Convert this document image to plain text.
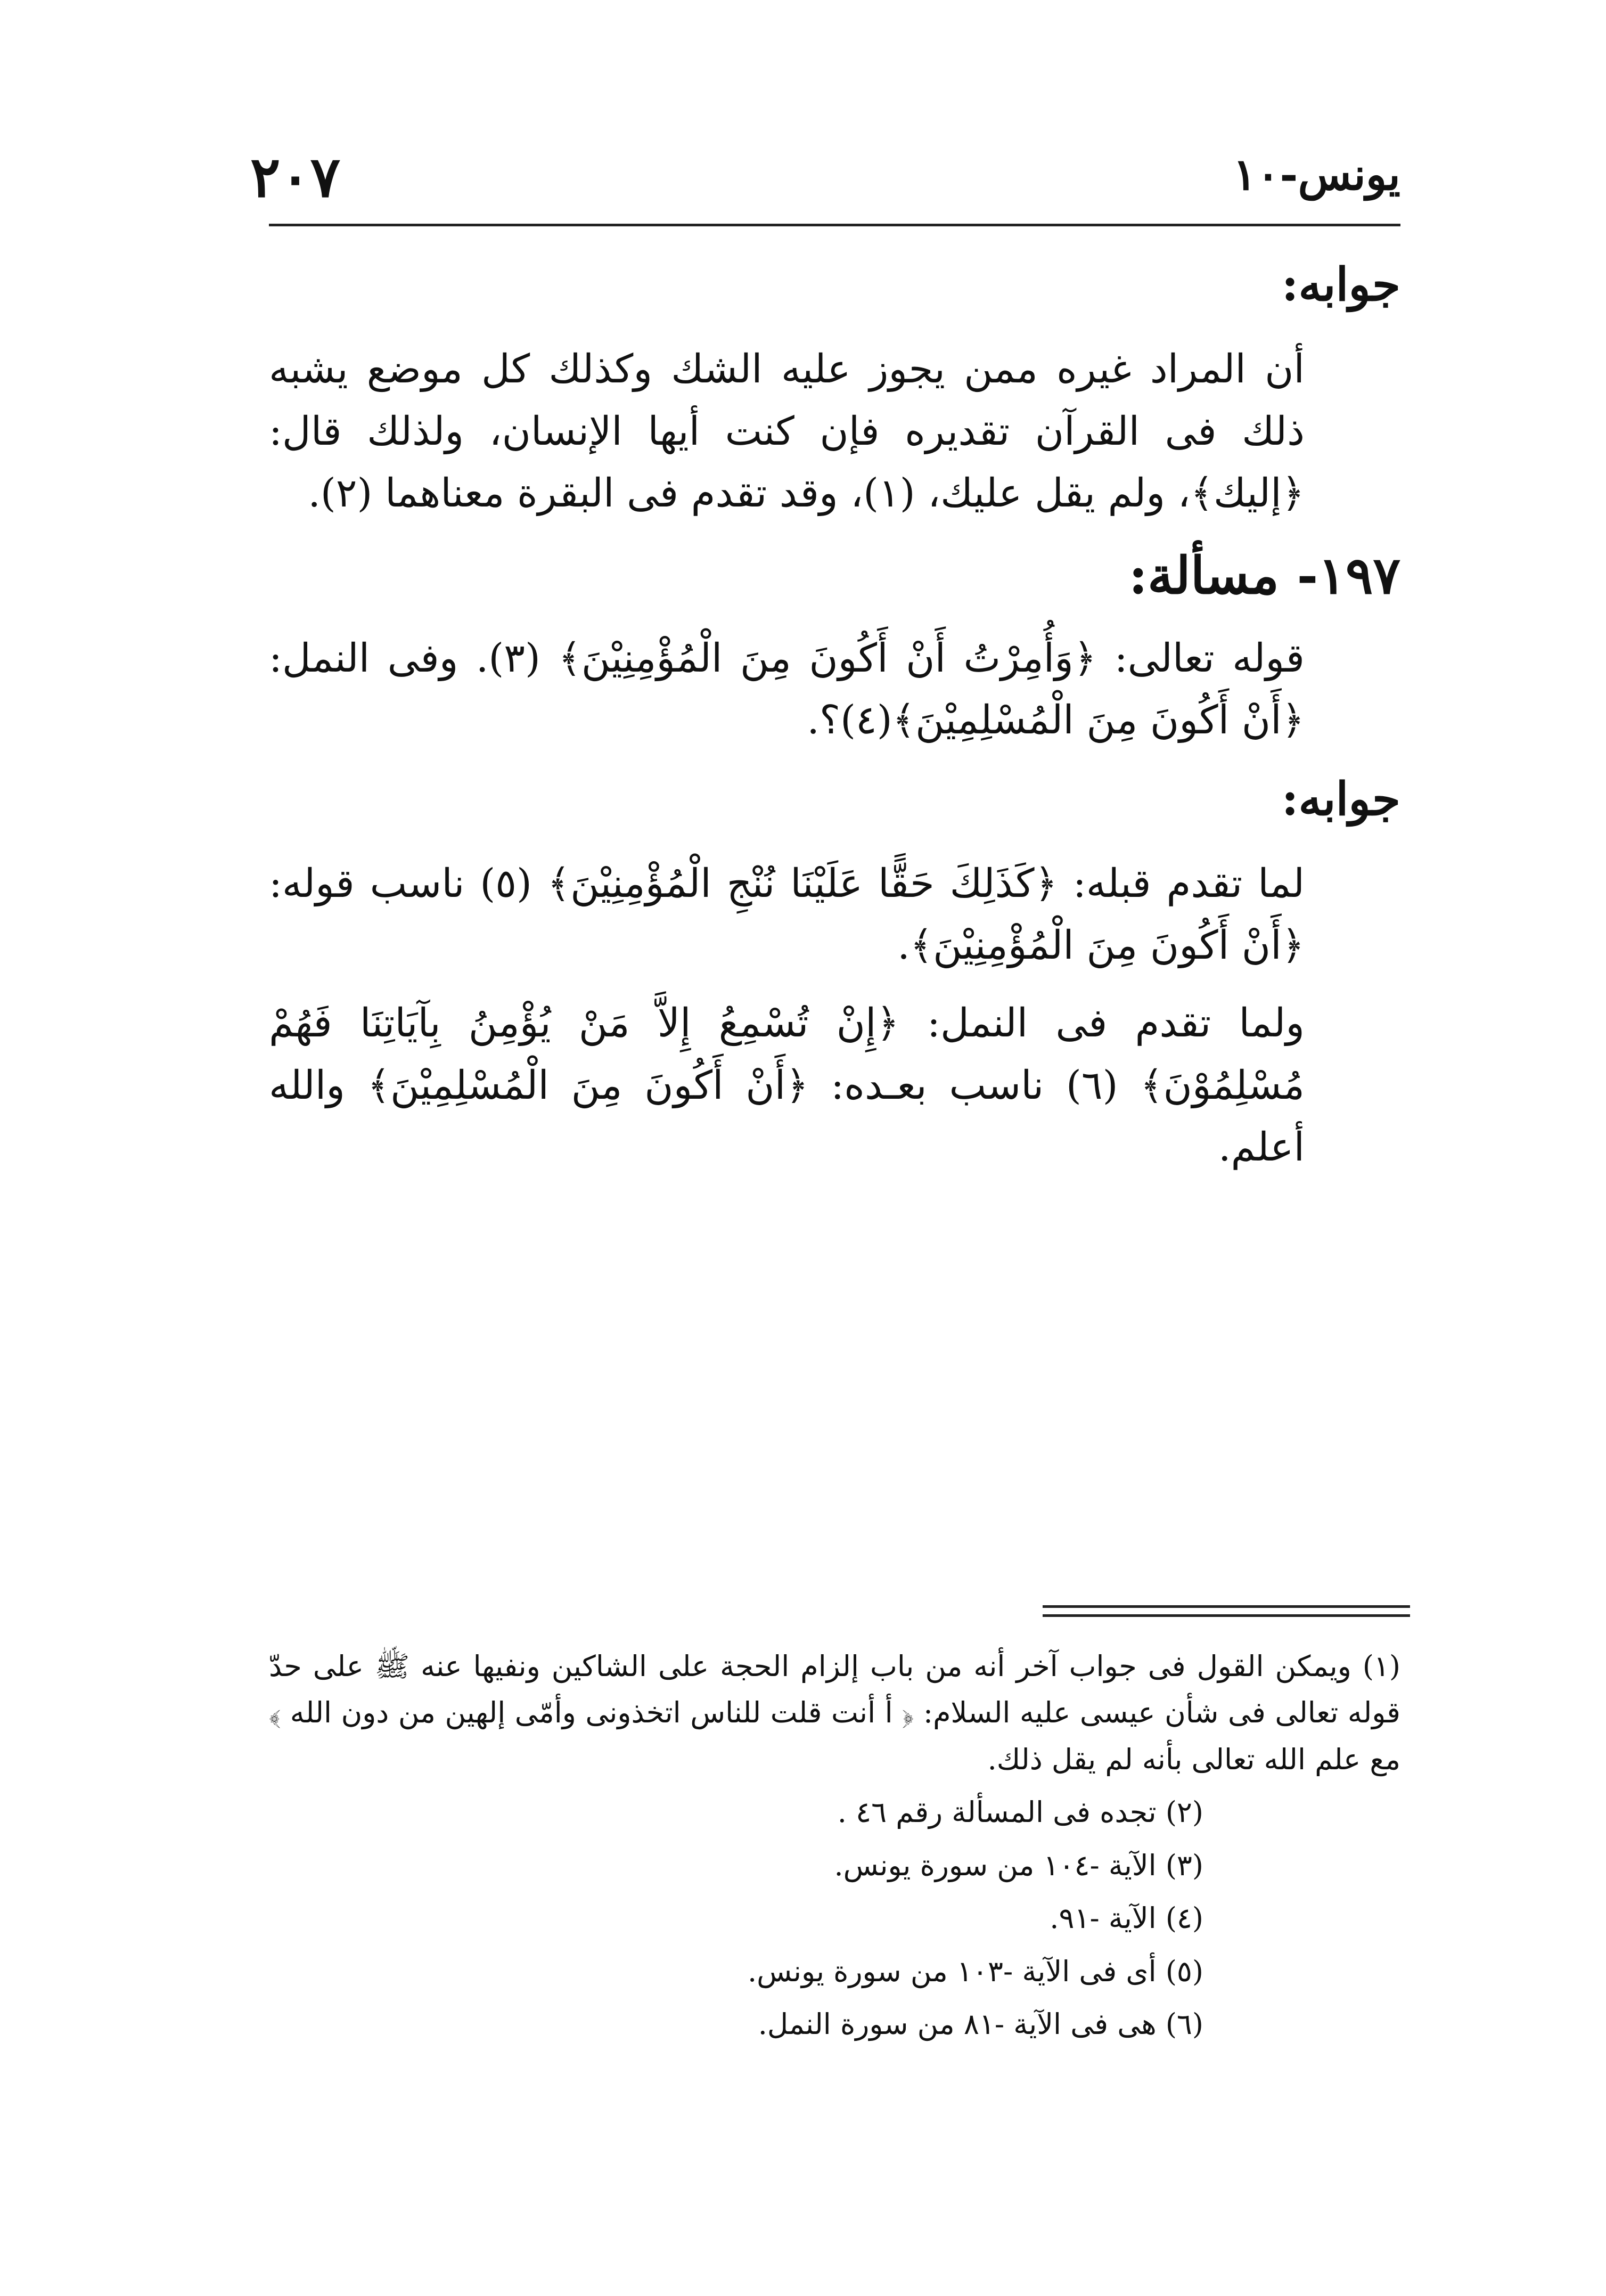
٢٠٧	يونس-١٠
جوابه:

أن المراد غيره ممن يجوز عليه الشك وكذلك كل موضع يشبه ذلك فى القرآن تقديره فإن كنت أيها الإنسان، ولذلك قال: ﴿إليك﴾، ولم يقل عليك، (١)، وقد تقدم فى البقرة معناهما (٢).

١٩٧- مسألة:

قوله تعالى: ﴿وَأُمِرْتُ أَنْ أَكُونَ مِنَ الْمُؤْمِنِيْنَ﴾ (٣). وفى النمل: ﴿أَنْ أَكُونَ مِنَ الْمُسْلِمِيْنَ﴾(٤)؟.

جوابه:

لما تقدم قبله: ﴿كَذَلِكَ حَقًّا عَلَيْنَا نُنْجِ الْمُؤْمِنِيْنَ﴾ (٥) ناسب قوله: ﴿أَنْ أَكُونَ مِنَ الْمُؤْمِنِيْنَ﴾.

ولما تقدم فى النمل: ﴿إِنْ تُسْمِعُ إِلاَّ مَنْ يُؤْمِنُ بِآيَاتِنَا فَهُمْ مُسْلِمُوْنَ﴾ (٦) ناسب بعـده: ﴿أَنْ أَكُونَ مِنَ الْمُسْلِمِيْنَ﴾ والله أعلم.

(١) ويمكن القول فى جواب آخر أنه من باب إلزام الحجة على الشاكين ونفيها عنه ﷺ على حدّ قوله تعالى فى شأن عيسى عليه السلام: ﴿ أ أنت قلت للناس اتخذونى وأمّى إلهين من دون الله ﴾ مع علم الله تعالى بأنه لم يقل ذلك.

(٢) تجده فى المسألة رقم ٤٦ .

(٣) الآية -١٠٤ من سورة يونس.

(٤) الآية -٩١.

(٥) أى فى الآية -١٠٣ من سورة يونس.

(٦) هى فى الآية -٨١ من سورة النمل.
